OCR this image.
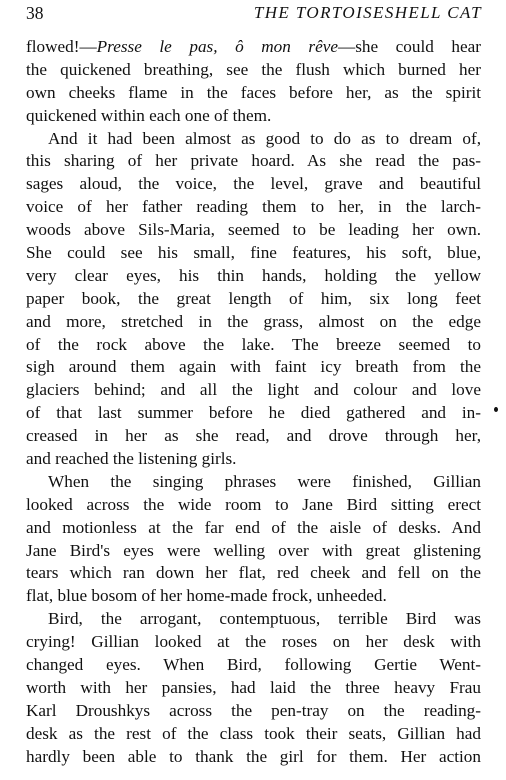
38	THE TORTOISESHELL CAT
flowed!—Presse le pas, ô mon rêve—she could hear
the quickened breathing, see the flush which burned her
own cheeks flame in the faces before her, as the spirit
quickened within each one of them.
And it had been almost as good to do as to dream of,
this sharing of her private hoard. As she read the pas-
sages aloud, the voice, the level, grave and beautiful
voice of her father reading them to her, in the larch-
woods above Sils-Maria, seemed to be leading her own.
She could see his small, fine features, his soft, blue,
very clear eyes, his thin hands, holding the yellow
paper book, the great length of him, six long feet
and more, stretched in the grass, almost on the edge
of the rock above the lake. The breeze seemed to
sigh around them again with faint icy breath from the
glaciers behind; and all the light and colour and love
of that last summer before he died gathered and in-
creased in her as she read, and drove through her,
and reached the listening girls.
When the singing phrases were finished, Gillian
looked across the wide room to Jane Bird sitting erect
and motionless at the far end of the aisle of desks. And
Jane Bird's eyes were welling over with great glistening
tears which ran down her flat, red cheek and fell on the
flat, blue bosom of her home-made frock, unheeded.
Bird, the arrogant, contemptuous, terrible Bird was
crying! Gillian looked at the roses on her desk with
changed eyes. When Bird, following Gertie Went-
worth with her pansies, had laid the three heavy Frau
Karl Droushkys across the pen-tray on the reading-
desk as the rest of the class took their seats, Gillian had
hardly been able to thank the girl for them. Her action
